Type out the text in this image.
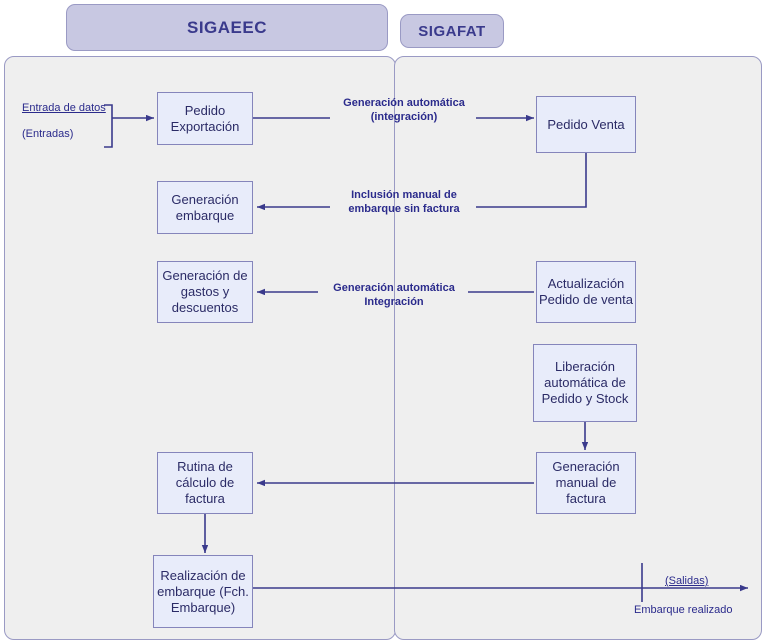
SIGAEEC	SIGAFAT
Pedido Exportación	Pedido Venta
Generación embarque
Generación de gastos y descuentos
Actualización Pedido de venta
Liberación automática de Pedido y Stock
Generación manual de factura
Rutina de cálculo de factura
Realización de embarque (Fch. Embarque)
Entrada de datos
(Entradas)
Generación automática (integración)
Inclusión manual de embarque sin factura
Generación automática Integración
(Salidas)
Embarque realizado
